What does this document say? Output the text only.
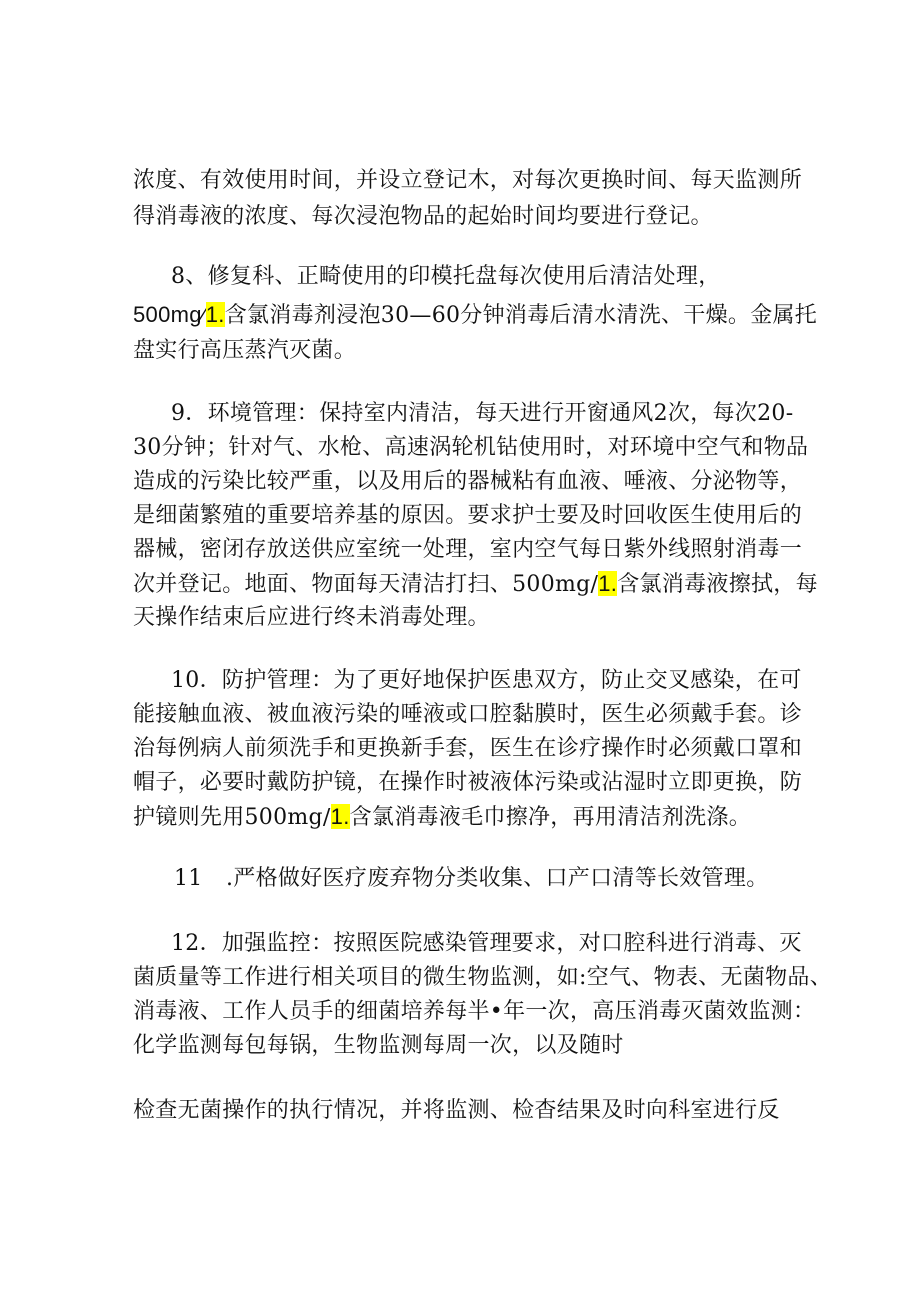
浓度、有效使用时间，并设立登记木，对每次更换时间、每天监测所
得消毒液的浓度、每次浸泡物品的起始时间均要进行登记。
8、修复科、正畸使用的印模托盘每次使用后清洁处理，
500mg∕1.含氯消毒剂浸泡30—60分钟消毒后清水清洗、干燥。金属托
盘实行高压蒸汽灭菌。
9．环境管理：保持室内清洁，每天进行开窗通风2次，每次20-
30分钟；针对气、水枪、高速涡轮机钻使用时，对环境中空气和物品
造成的污染比较严重，以及用后的器械粘有血液、唾液、分泌物等，
是细菌繁殖的重要培养基的原因。要求护士要及时回收医生使用后的
器械，密闭存放送供应室统一处理，室内空气每日紫外线照射消毒一
次并登记。地面、物面每天清洁打扫、500mg∕1.含氯消毒液擦拭，每
天操作结束后应进行终未消毒处理。
10．防护管理：为了更好地保护医患双方，防止交叉感染，在可
能接触血液、被血液污染的唾液或口腔黏膜时，医生必须戴手套。诊
治每例病人前须洗手和更换新手套，医生在诊疗操作时必须戴口罩和
帽子，必要时戴防护镜，在操作时被液体污染或沾湿时立即更换，防
护镜则先用500mg∕1.含氯消毒液毛巾擦净，再用清洁剂洗涤。
11 .严格做好医疗废弃物分类收集、口产口清等长效管理。
12．加强监控：按照医院感染管理要求，对口腔科进行消毒、灭
菌质量等工作进行相关项目的微生物监测，如:空气、物表、无菌物品、
消毒液、工作人员手的细菌培养每半•年一次，高压消毒灭菌效监测：
化学监测每包每锅，生物监测每周一次，以及随时
检查无菌操作的执行情况，并将监测、检杳结果及时向科室进行反
